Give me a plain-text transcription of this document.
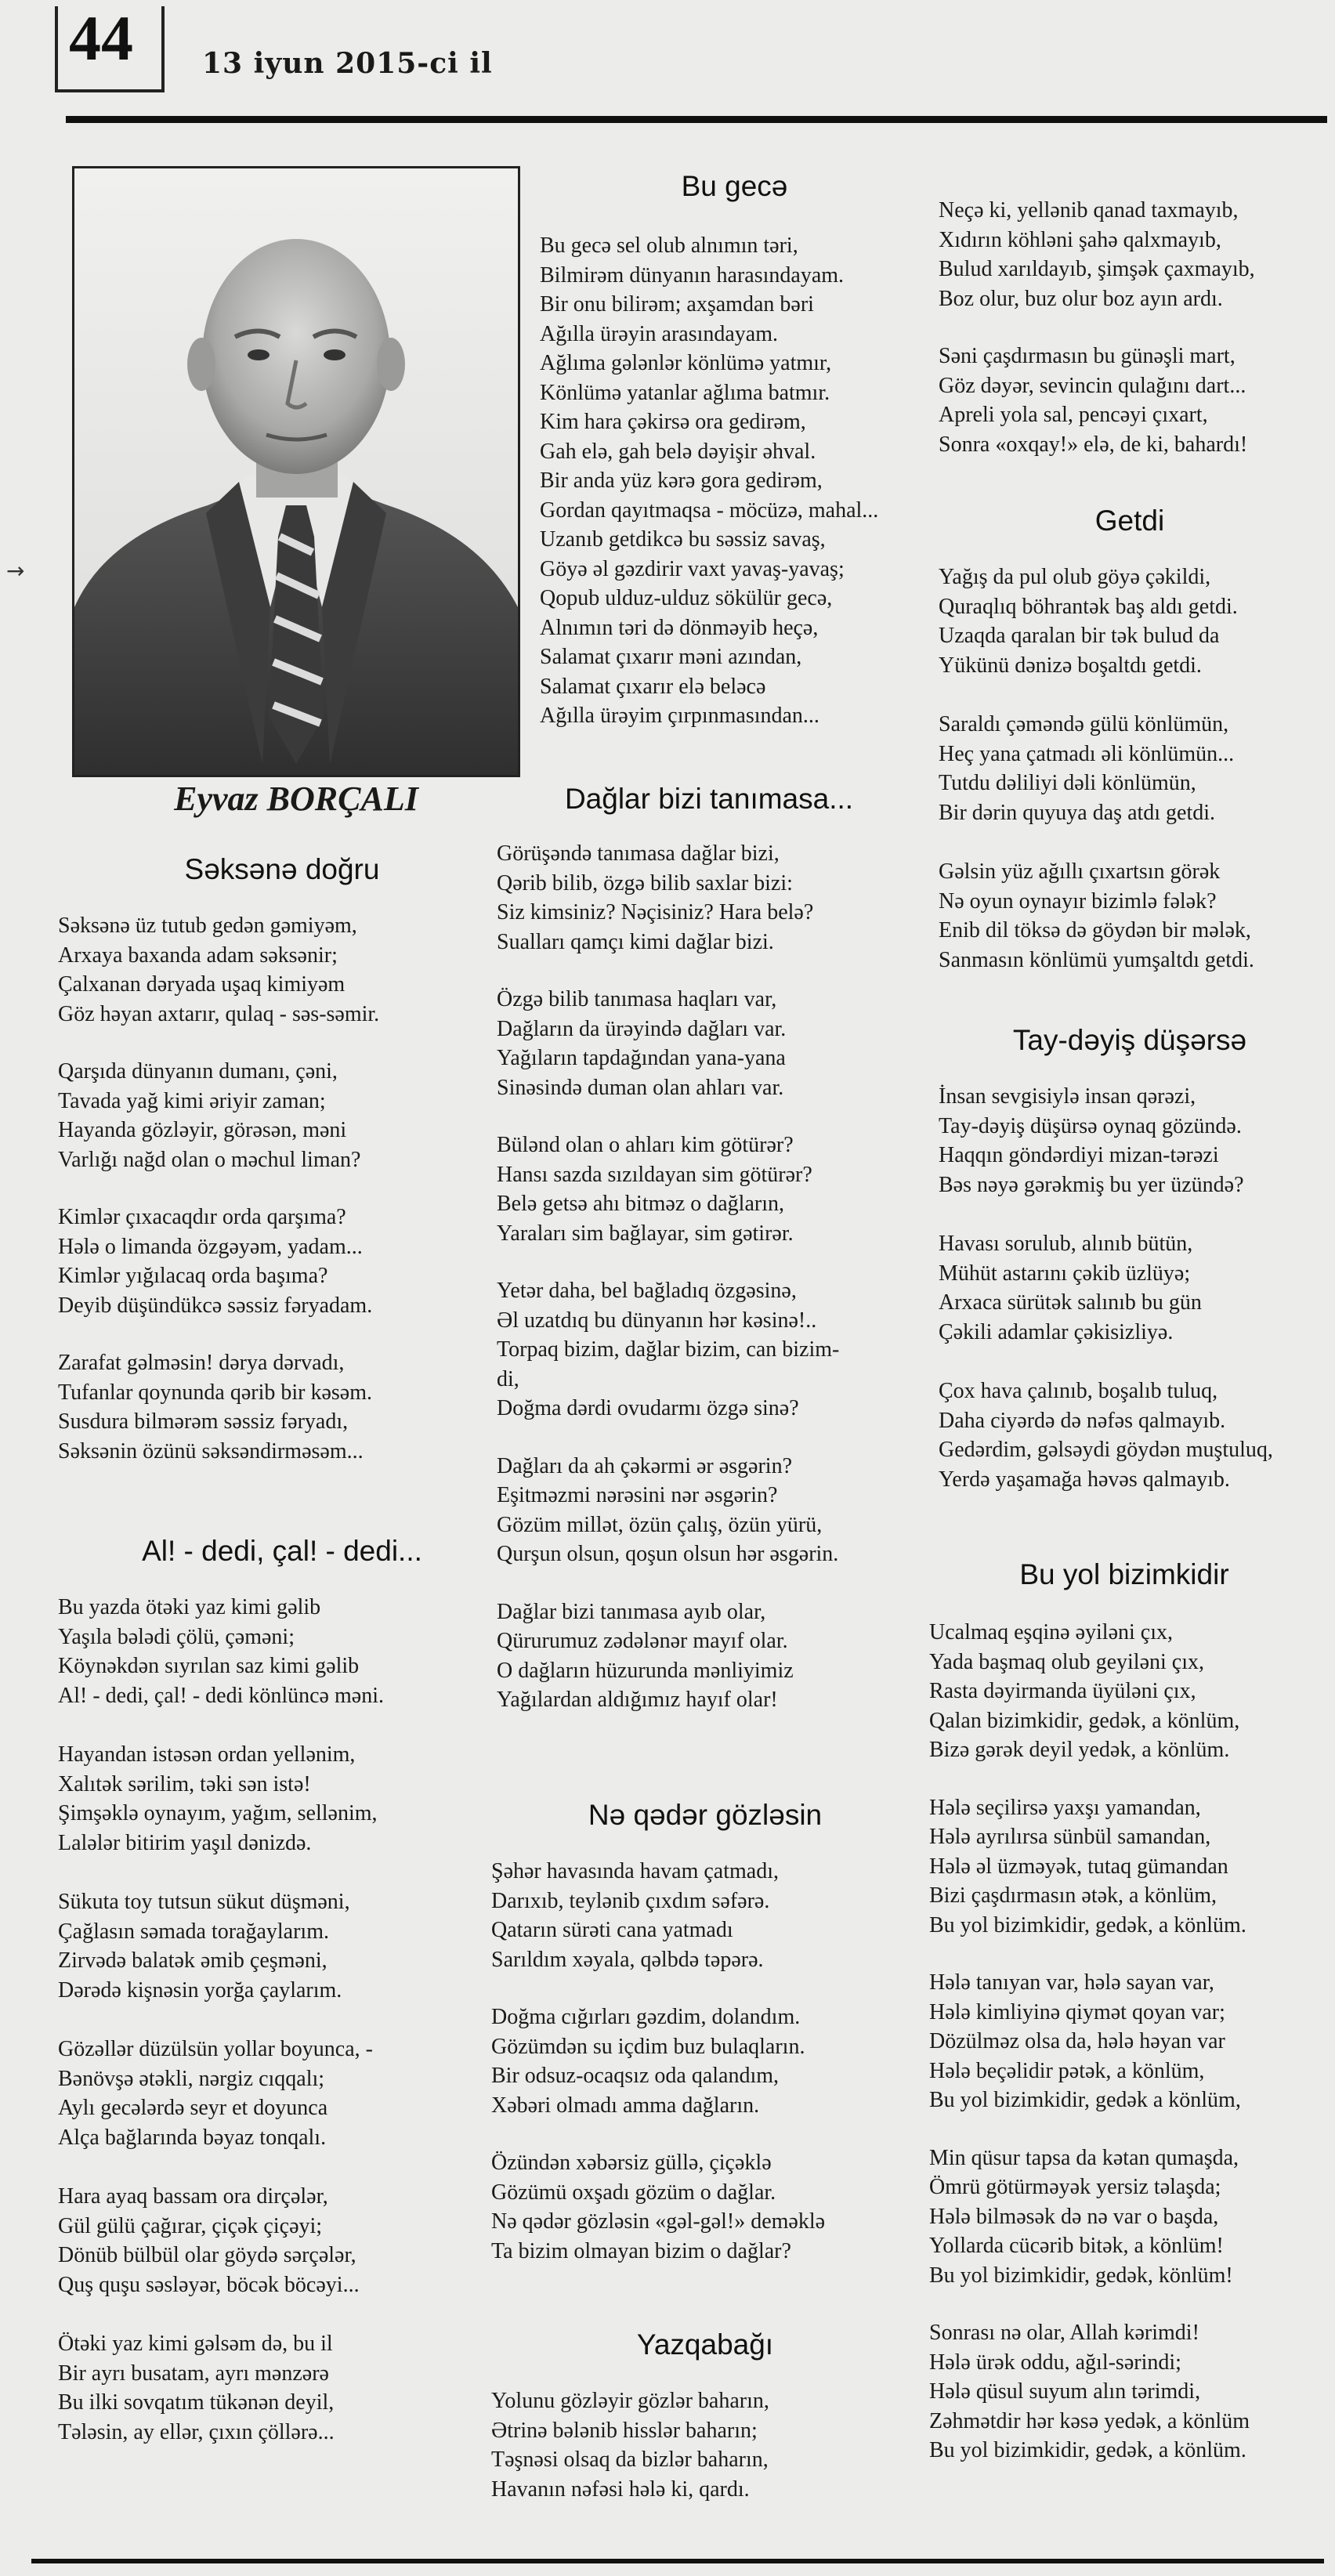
44 13 iyun 2015-ci il
→
Eyvaz BORÇALI
Səksənə doğru
Səksənə üz tutub gedən gəmiyəm,
Arxaya baxanda adam səksənir;
Çalxanan dəryada uşaq kimiyəm
Göz həyan axtarır, qulaq - səs-səmir.
Qarşıda dünyanın dumanı, çəni,
Tavada yağ kimi əriyir zaman;
Hayanda gözləyir, görəsən, məni
Varlığı nağd olan o məchul liman?
Kimlər çıxacaqdır orda qarşıma?
Hələ o limanda özgəyəm, yadam...
Kimlər yığılacaq orda başıma?
Deyib düşündükcə səssiz fəryadam.
Zarafat gəlməsin! dərya dərvadı,
Tufanlar qoynunda qərib bir kəsəm.
Susdura bilmərəm səssiz fəryadı,
Səksənin özünü səksəndirməsəm...
Al! - dedi, çal! - dedi...
Bu yazda ötəki yaz kimi gəlib
Yaşıla bələdi çölü, çəməni;
Köynəkdən sıyrılan saz kimi gəlib
Al! - dedi, çal! - dedi könlüncə məni.
Hayandan istəsən ordan yellənim,
Xalıtək sərilim, təki sən istə!
Şimşəklə oynayım, yağım, sellənim,
Lalələr bitirim yaşıl dənizdə.
Sükuta toy tutsun sükut düşməni,
Çağlasın səmada torağaylarım.
Zirvədə balatək əmib çeşməni,
Dərədə kişnəsin yorğa çaylarım.
Gözəllər düzülsün yollar boyunca, -
Bənövşə ətəkli, nərgiz cıqqalı;
Aylı gecələrdə seyr et doyunca
Alça bağlarında bəyaz tonqalı.
Hara ayaq bassam ora dirçələr,
Gül gülü çağırar, çiçək çiçəyi;
Dönüb bülbül olar göydə sərçələr,
Quş quşu səsləyər, böcək böcəyi...
Ötəki yaz kimi gəlsəm də, bu il
Bir ayrı busatam, ayrı mənzərə
Bu ilki sovqatım tükənən deyil,
Tələsin, ay ellər, çıxın çöllərə...
Bu gecə
Bu gecə sel olub alnımın təri,
Bilmirəm dünyanın harasındayam.
Bir onu bilirəm; axşamdan bəri
Ağılla ürəyin arasındayam.
Ağlıma gələnlər könlümə yatmır,
Könlümə yatanlar ağlıma batmır.
Kim hara çəkirsə ora gedirəm,
Gah elə, gah belə dəyişir əhval.
Bir anda yüz kərə gora gedirəm,
Gordan qayıtmaqsa - möcüzə, mahal...
Uzanıb getdikcə bu səssiz savaş,
Göyə əl gəzdirir vaxt yavaş-yavaş;
Qopub ulduz-ulduz sökülür gecə,
Alnımın təri də dönməyib heçə,
Salamat çıxarır məni azından,
Salamat çıxarır elə beləcə
Ağılla ürəyim çırpınmasından...
Dağlar bizi tanımasa...
Görüşəndə tanımasa dağlar bizi,
Qərib bilib, özgə bilib saxlar bizi:
Siz kimsiniz? Nəçisiniz? Hara belə?
Sualları qamçı kimi dağlar bizi.
Özgə bilib tanımasa haqları var,
Dağların da ürəyində dağları var.
Yağıların tapdağından yana-yana
Sinəsində duman olan ahları var.
Bülənd olan o ahları kim götürər?
Hansı sazda sızıldayan sim götürər?
Belə getsə ahı bitməz o dağların,
Yaraları sim bağlayar, sim gətirər.
Yetər daha, bel bağladıq özgəsinə,
Əl uzatdıq bu dünyanın hər kəsinə!..
Torpaq bizim, dağlar bizim, can bizim-
di,
Doğma dərdi ovudarmı özgə sinə?
Dağları da ah çəkərmi ər əsgərin?
Eşitməzmi nərəsini nər əsgərin?
Gözüm millət, özün çalış, özün yürü,
Qurşun olsun, qoşun olsun hər əsgərin.
Dağlar bizi tanımasa ayıb olar,
Qürurumuz zədələnər mayıf olar.
O dağların hüzurunda mənliyimiz
Yağılardan aldığımız hayıf olar!
Nə qədər gözləsin
Şəhər havasında havam çatmadı,
Darıxıb, teylənib çıxdım səfərə.
Qatarın sürəti cana yatmadı
Sarıldım xəyala, qəlbdə təpərə.
Doğma cığırları gəzdim, dolandım.
Gözümdən su içdim buz bulaqların.
Bir odsuz-ocaqsız oda qalandım,
Xəbəri olmadı amma dağların.
Özündən xəbərsiz güllə, çiçəklə
Gözümü oxşadı gözüm o dağlar.
Nə qədər gözləsin «gəl-gəl!» deməklə
Ta bizim olmayan bizim o dağlar?
Yazqabağı
Yolunu gözləyir gözlər baharın,
Ətrinə bələnib hisslər baharın;
Təşnəsi olsaq da bizlər baharın,
Havanın nəfəsi hələ ki, qardı.
Neçə ki, yellənib qanad taxmayıb,
Xıdırın köhləni şahə qalxmayıb,
Bulud xarıldayıb, şimşək çaxmayıb,
Boz olur, buz olur boz ayın ardı.
Səni çaşdırmasın bu günəşli mart,
Göz dəyər, sevincin qulağını dart...
Apreli yola sal, pencəyi çıxart,
Sonra «oxqay!» elə, de ki, bahardı!
Getdi
Yağış da pul olub göyə çəkildi,
Quraqlıq böhrantək baş aldı getdi.
Uzaqda qaralan bir tək bulud da
Yükünü dənizə boşaltdı getdi.
Saraldı çəməndə gülü könlümün,
Heç yana çatmadı əli könlümün...
Tutdu dəliliyi dəli könlümün,
Bir dərin quyuya daş atdı getdi.
Gəlsin yüz ağıllı çıxartsın görək
Nə oyun oynayır bizimlə fələk?
Enib dil töksə də göydən bir mələk,
Sanmasın könlümü yumşaltdı getdi.
Tay-dəyiş düşərsə
İnsan sevgisiylə insan qərəzi,
Tay-dəyiş düşürsə oynaq gözündə.
Haqqın göndərdiyi mizan-tərəzi
Bəs nəyə gərəkmiş bu yer üzündə?
Havası sorulub, alınıb bütün,
Mühüt astarını çəkib üzlüyə;
Arxaca sürütək salınıb bu gün
Çəkili adamlar çəkisizliyə.
Çox hava çalınıb, boşalıb tuluq,
Daha ciyərdə də nəfəs qalmayıb.
Gedərdim, gəlsəydi göydən muştuluq,
Yerdə yaşamağa həvəs qalmayıb.
Bu yol bizimkidir
Ucalmaq eşqinə əyiləni çıx,
Yada başmaq olub geyiləni çıx,
Rasta dəyirmanda üyüləni çıx,
Qalan bizimkidir, gedək, a könlüm,
Bizə gərək deyil yedək, a könlüm.
Hələ seçilirsə yaxşı yamandan,
Hələ ayrılırsa sünbül samandan,
Hələ əl üzməyək, tutaq gümandan
Bizi çaşdırmasın ətək, a könlüm,
Bu yol bizimkidir, gedək, a könlüm.
Hələ tanıyan var, hələ sayan var,
Hələ kimliyinə qiymət qoyan var;
Dözülməz olsa da, hələ həyan var
Hələ beçəlidir pətək, a könlüm,
Bu yol bizimkidir, gedək a könlüm,
Min qüsur tapsa da kətan qumaşda,
Ömrü götürməyək yersiz təlaşda;
Hələ bilməsək də nə var o başda,
Yollarda cücərib bitək, a könlüm!
Bu yol bizimkidir, gedək, könlüm!
Sonrası nə olar, Allah kərimdi!
Hələ ürək oddu, ağıl-sərindi;
Hələ qüsul suyum alın tərimdi,
Zəhmətdir hər kəsə yedək, a könlüm
Bu yol bizimkidir, gedək, a könlüm.
